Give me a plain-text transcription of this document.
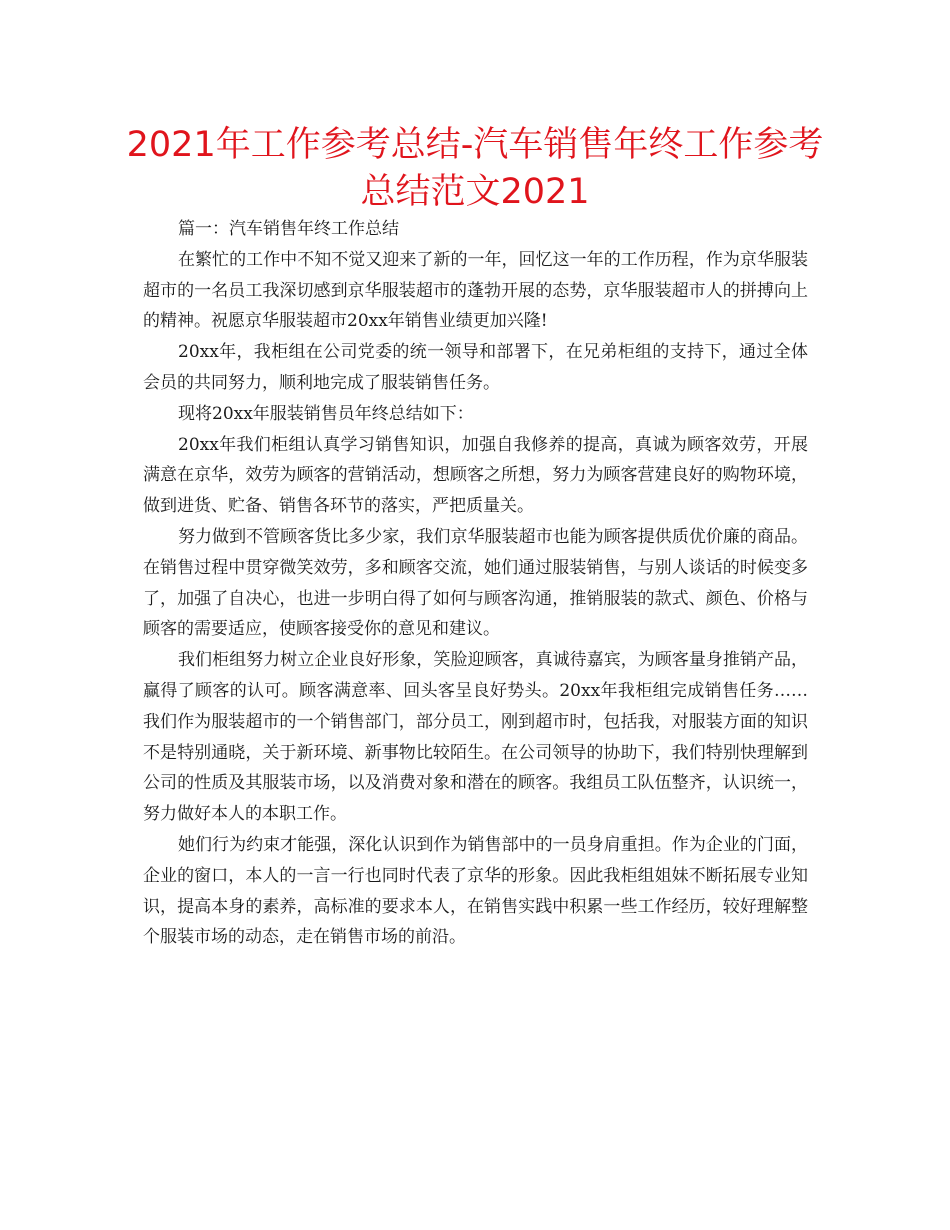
2021年工作参考总结-汽车销售年终工作参考总结范文2021

篇一：汽车销售年终工作总结

在繁忙的工作中不知不觉又迎来了新的一年，回忆这一年的工作历程，作为京华服装超市的一名员工我深切感到京华服装超市的蓬勃开展的态势，京华服装超市人的拼搏向上的精神。祝愿京华服装超市20xx年销售业绩更加兴隆!

20xx年，我柜组在公司党委的统一领导和部署下，在兄弟柜组的支持下，通过全体会员的共同努力，顺利地完成了服装销售任务。

现将20xx年服装销售员年终总结如下：

20xx年我们柜组认真学习销售知识，加强自我修养的提高，真诚为顾客效劳，开展满意在京华，效劳为顾客的营销活动，想顾客之所想，努力为顾客营建良好的购物环境，做到进货、贮备、销售各环节的落实，严把质量关。

努力做到不管顾客货比多少家，我们京华服装超市也能为顾客提供质优价廉的商品。在销售过程中贯穿微笑效劳，多和顾客交流，她们通过服装销售，与别人谈话的时候变多了，加强了自决心，也进一步明白得了如何与顾客沟通，推销服装的款式、颜色、价格与顾客的需要适应，使顾客接受你的意见和建议。

我们柜组努力树立企业良好形象，笑脸迎顾客，真诚待嘉宾，为顾客量身推销产品，赢得了顾客的认可。顾客满意率、回头客呈良好势头。20xx年我柜组完成销售任务……我们作为服装超市的一个销售部门，部分员工，刚到超市时，包括我，对服装方面的知识不是特别通晓，关于新环境、新事物比较陌生。在公司领导的协助下，我们特别快理解到公司的性质及其服装市场，以及消费对象和潜在的顾客。我组员工队伍整齐，认识统一，努力做好本人的本职工作。

她们行为约束才能强，深化认识到作为销售部中的一员身肩重担。作为企业的门面，企业的窗口，本人的一言一行也同时代表了京华的形象。因此我柜组姐妹不断拓展专业知识，提高本身的素养，高标准的要求本人，在销售实践中积累一些工作经历，较好理解整个服装市场的动态，走在销售市场的前沿。
